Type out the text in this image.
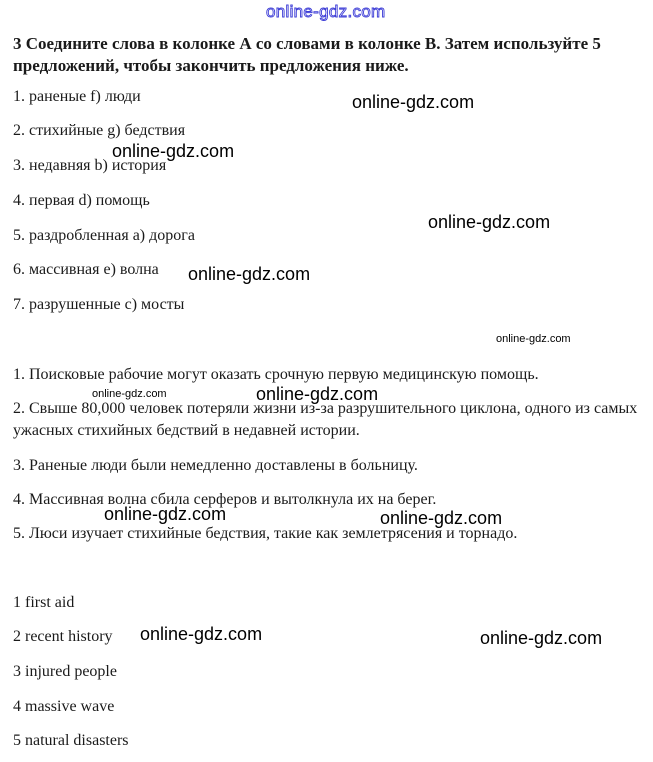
online-gdz.com
3 Соедините слова в колонке А со словами в колонке В. Затем используйте 5 предложений, чтобы закончить предложения ниже.
1. раненые f) люди
2. стихийные g) бедствия
3. недавняя b) история
4. первая d) помощь
5. раздробленная а) дорога
6. массивная e) волна
7. разрушенные с) мосты
1. Поисковые рабочие могут оказать срочную первую медицинскую помощь.
2. Свыше 80,000 человек потеряли жизни из-за разрушительного циклона, одного из самых ужасных стихийных бедствий в недавней истории.
3. Раненые люди были немедленно доставлены в больницу.
4. Массивная волна сбила серферов и вытолкнула их на берег.
5. Люси изучает стихийные бедствия, такие как землетрясения и торнадо.
1 first aid
2 recent history
3 injured people
4 massive wave
5 natural disasters
online-gdz.com
online-gdz.com
online-gdz.com
online-gdz.com
online-gdz.com
online-gdz.com	online-gdz.com
online-gdz.com	online-gdz.com
online-gdz.com	online-gdz.com
